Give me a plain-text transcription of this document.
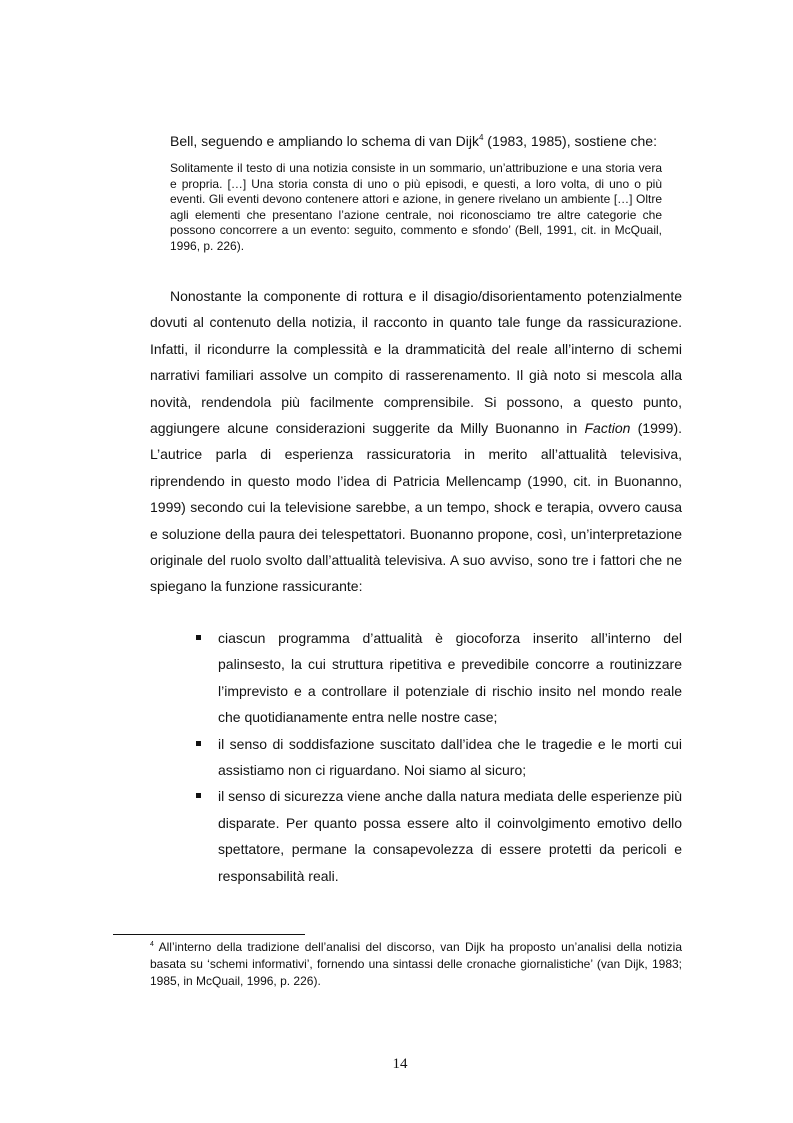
Bell, seguendo e ampliando lo schema di van Dijk$^4$ (1983, 1985), sostiene che:
Solitamente il testo di una notizia consiste in un sommario, un’attribuzione e una storia vera e propria. […] Una storia consta di uno o più episodi, e questi, a loro volta, di uno o più eventi. Gli eventi devono contenere attori e azione, in genere rivelano un ambiente […] Oltre agli elementi che presentano l’azione centrale, noi riconosciamo tre altre categorie che possono concorrere a un evento: seguito, commento e sfondo’ (Bell, 1991, cit. in McQuail, 1996, p. 226).

Nonostante la componente di rottura e il disagio/disorientamento potenzialmente dovuti al contenuto della notizia, il racconto in quanto tale funge da rassicurazione. Infatti, il ricondurre la complessità e la drammaticità del reale all’interno di schemi narrativi familiari assolve un compito di rasserenamento. Il già noto si mescola alla novità, rendendola più facilmente comprensibile. Si possono, a questo punto, aggiungere alcune considerazioni suggerite da Milly Buonanno in Faction (1999). L’autrice parla di esperienza rassicuratoria in merito all’attualità televisiva, riprendendo in questo modo l’idea di Patricia Mellencamp (1990, cit. in Buonanno, 1999) secondo cui la televisione sarebbe, a un tempo, shock e terapia, ovvero causa e soluzione della paura dei telespettatori. Buonanno propone, così, un’interpretazione originale del ruolo svolto dall’attualità televisiva. A suo avviso, sono tre i fattori che ne spiegano la funzione rassicurante:

ciascun programma d’attualità è giocoforza inserito all’interno del palinsesto, la cui struttura ripetitiva e prevedibile concorre a routinizzare l’imprevisto e a controllare il potenziale di rischio insito nel mondo reale che quotidianamente entra nelle nostre case;
il senso di soddisfazione suscitato dall’idea che le tragedie e le morti cui assistiamo non ci riguardano. Noi siamo al sicuro;
il senso di sicurezza viene anche dalla natura mediata delle esperienze più disparate. Per quanto possa essere alto il coinvolgimento emotivo dello spettatore, permane la consapevolezza di essere protetti da pericoli e responsabilità reali.

$^4$ All’interno della tradizione dell’analisi del discorso, van Dijk ha proposto un’analisi della notizia basata su ‘schemi informativi’, fornendo una sintassi delle cronache giornalistiche’ (van Dijk, 1983; 1985, in McQuail, 1996, p. 226).

14
